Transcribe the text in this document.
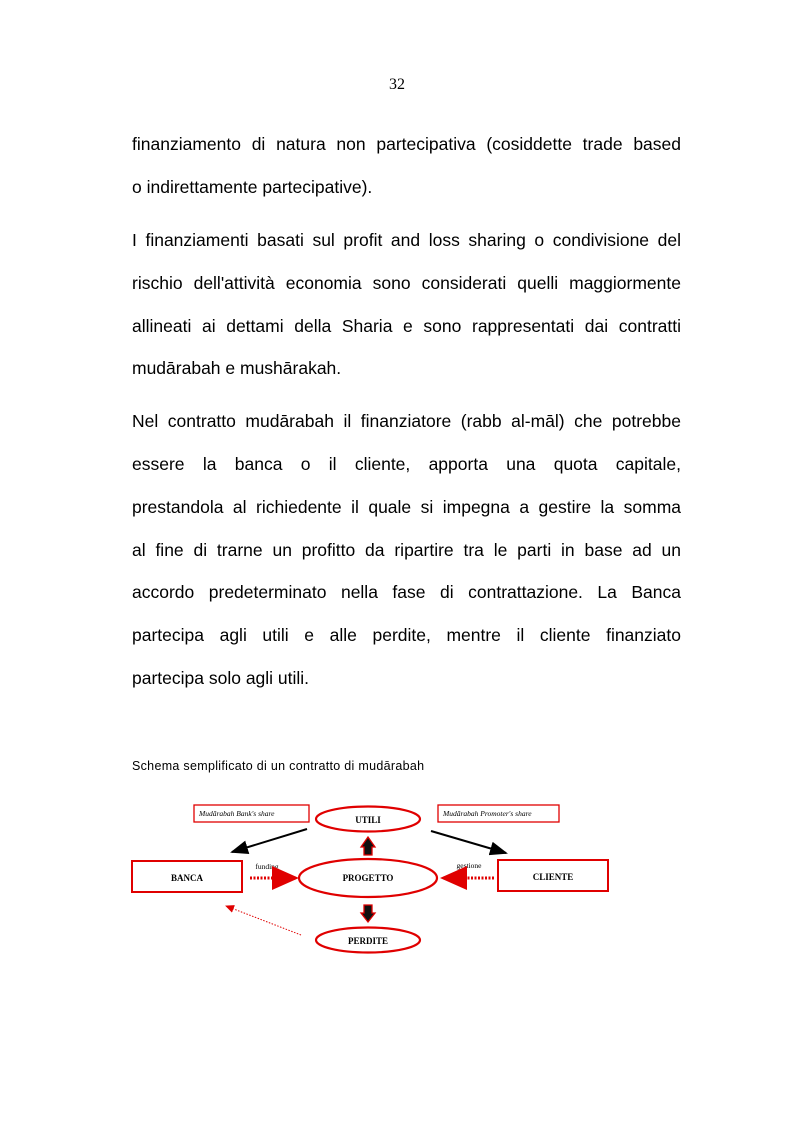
32
finanziamento di natura non partecipativa (cosiddette trade based
o indirettamente partecipative).
I finanziamenti basati sul profit and loss sharing o condivisione del
rischio dell'attività economia sono considerati quelli maggiormente
allineati ai dettami della Sharia e sono rappresentati dai contratti
mudārabah e mushārakah.
Nel contratto mudārabah il finanziatore (rabb al-māl) che potrebbe
essere la banca o il cliente, apporta una quota capitale,
prestandola al richiedente il quale si impegna a gestire la somma
al fine di trarne un profitto da ripartire tra le parti in base ad un
accordo predeterminato nella fase di contrattazione. La Banca
partecipa agli utili e alle perdite, mentre il cliente finanziato
partecipa solo agli utili.
Schema semplificato di un contratto di mudārabah
Mudārabah Bank's share	Mudārabah Promoter's share
UTILI
BANCA	CLIENTE
PROGETTO
funding	gestione
PERDITE
